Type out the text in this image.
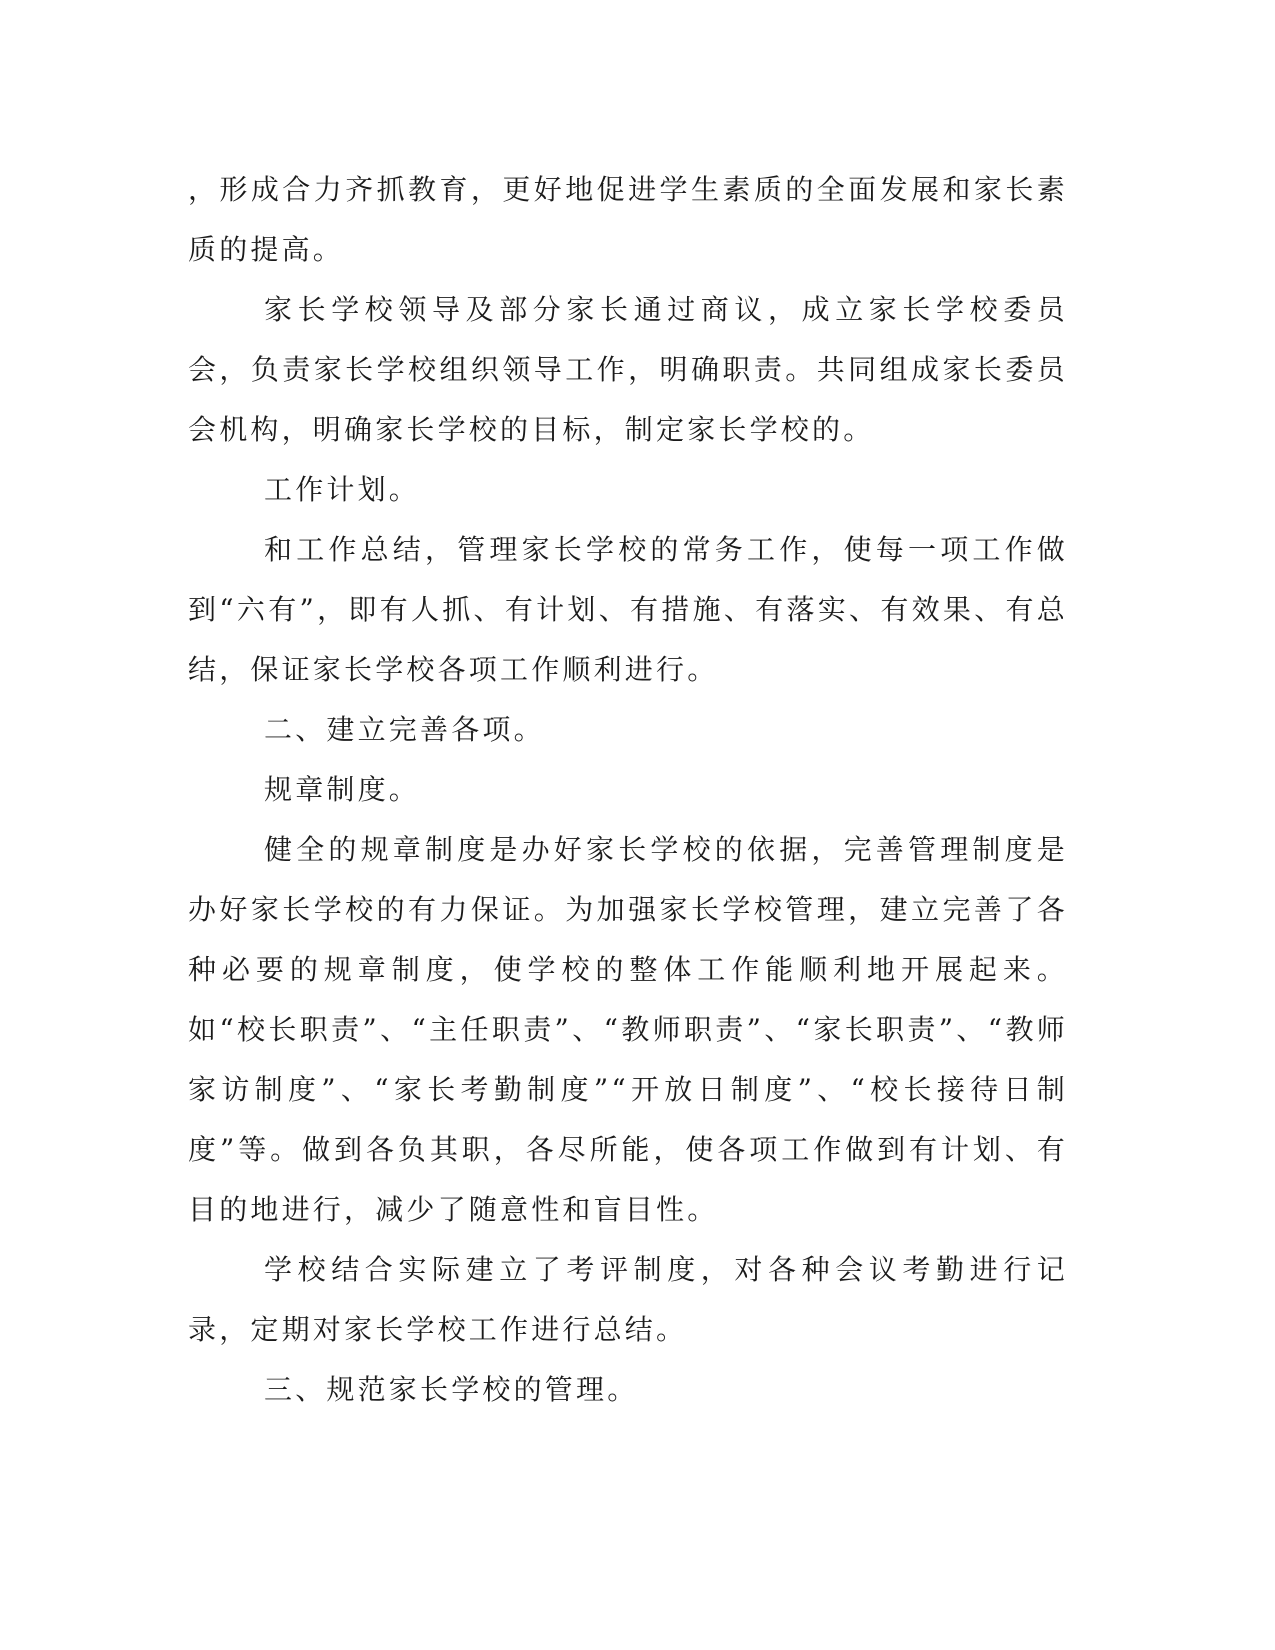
，形成合力齐抓教育，更好地促进学生素质的全面发展和家长素质的提高。

家长学校领导及部分家长通过商议，成立家长学校委员会，负责家长学校组织领导工作，明确职责。共同组成家长委员会机构，明确家长学校的目标，制定家长学校的。

工作计划。

和工作总结，管理家长学校的常务工作，使每一项工作做到“六有”，即有人抓、有计划、有措施、有落实、有效果、有总结，保证家长学校各项工作顺利进行。

二、建立完善各项。

规章制度。

健全的规章制度是办好家长学校的依据，完善管理制度是办好家长学校的有力保证。为加强家长学校管理，建立完善了各种必要的规章制度，使学校的整体工作能顺利地开展起来。如“校长职责”、“主任职责”、“教师职责”、“家长职责”、“教师家访制度”、“家长考勤制度”“开放日制度”、“校长接待日制度”等。做到各负其职，各尽所能，使各项工作做到有计划、有目的地进行，减少了随意性和盲目性。

学校结合实际建立了考评制度，对各种会议考勤进行记录，定期对家长学校工作进行总结。

三、规范家长学校的管理。
